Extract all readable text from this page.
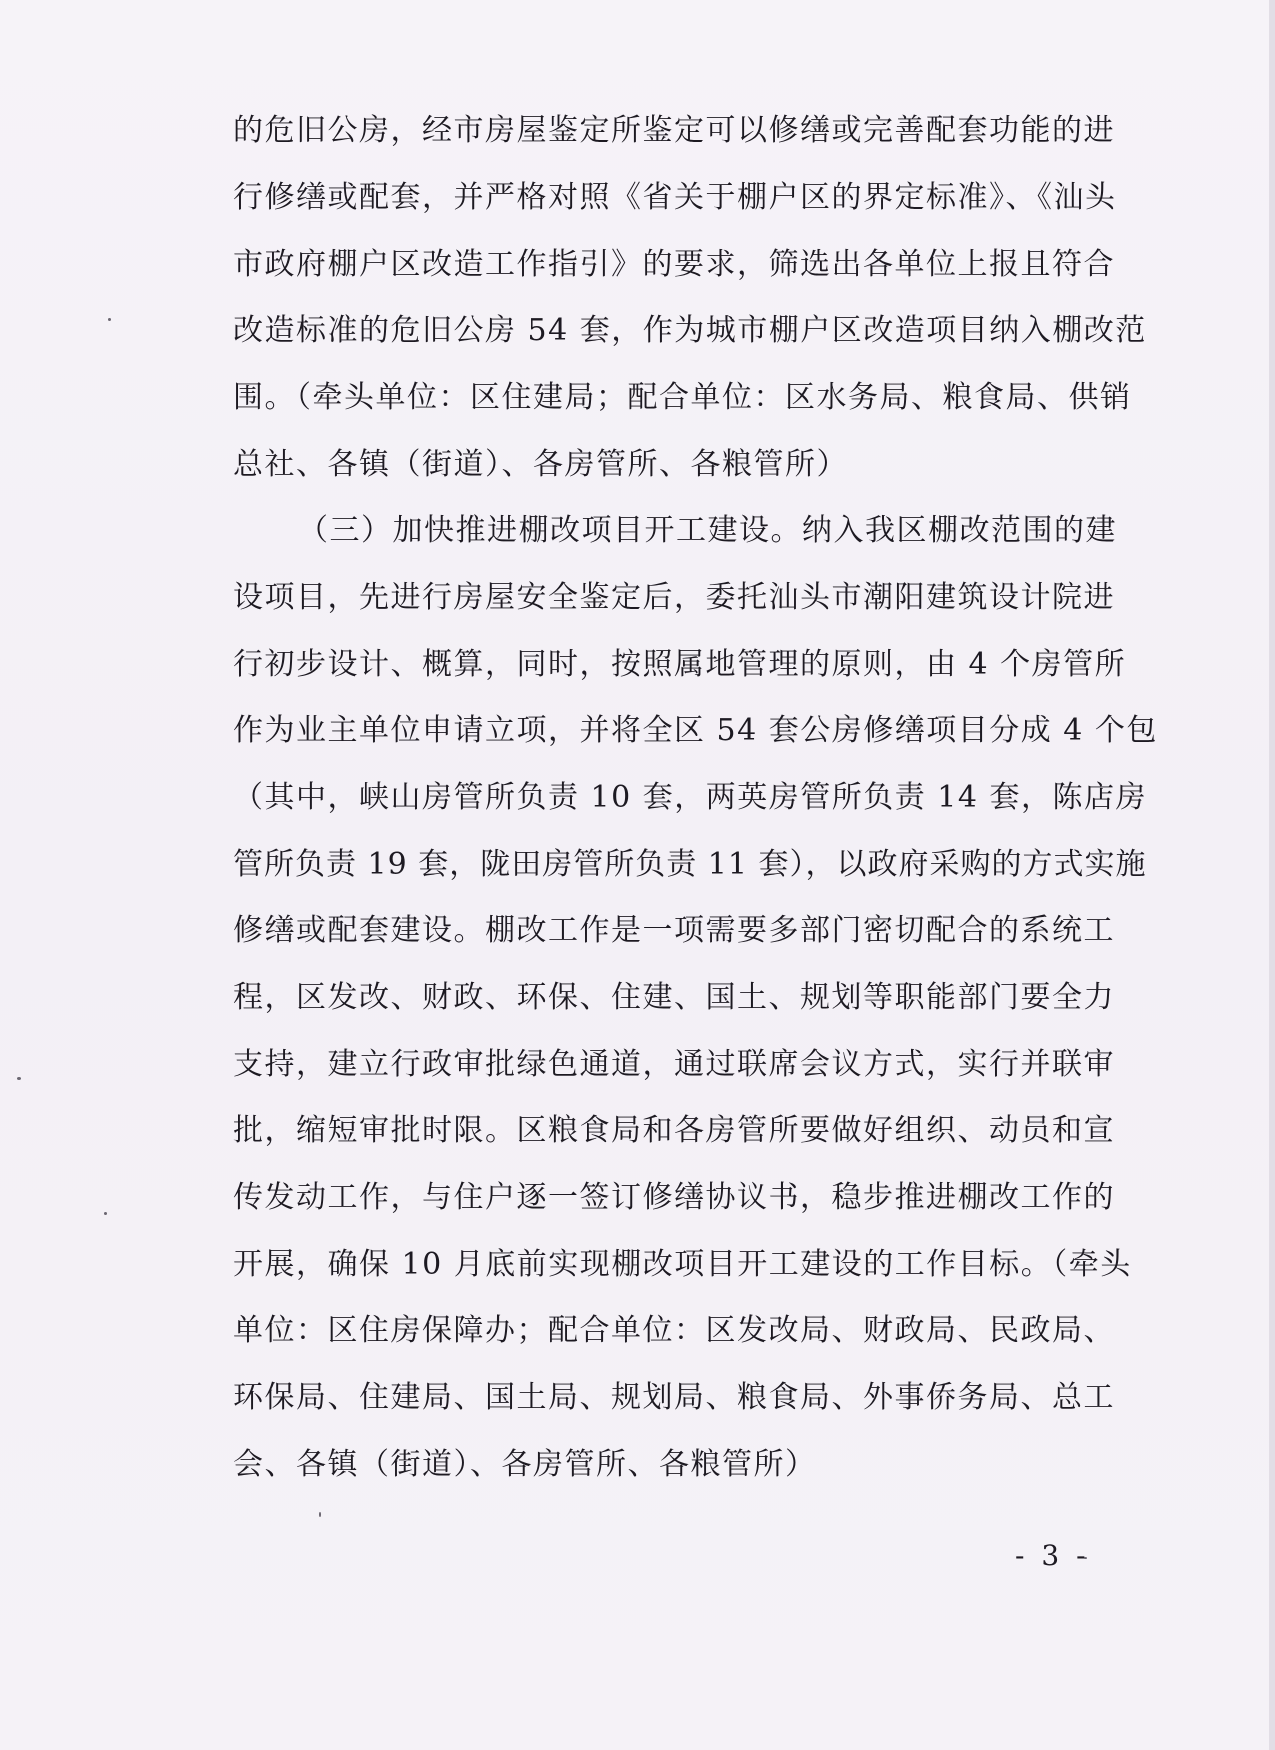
的危旧公房，经市房屋鉴定所鉴定可以修缮或完善配套功能的进
行修缮或配套，并严格对照《省关于棚户区的界定标准》、《汕头
市政府棚户区改造工作指引》的要求，筛选出各单位上报且符合
改造标准的危旧公房 54 套，作为城市棚户区改造项目纳入棚改范
围。（牵头单位：区住建局；配合单位：区水务局、粮食局、供销
总社、各镇（街道）、各房管所、各粮管所）
（三）加快推进棚改项目开工建设。纳入我区棚改范围的建
设项目，先进行房屋安全鉴定后，委托汕头市潮阳建筑设计院进
行初步设计、概算，同时，按照属地管理的原则，由 4 个房管所
作为业主单位申请立项，并将全区 54 套公房修缮项目分成 4 个包
（其中，峡山房管所负责 10 套，两英房管所负责 14 套，陈店房
管所负责 19 套，陇田房管所负责 11 套），以政府采购的方式实施
修缮或配套建设。棚改工作是一项需要多部门密切配合的系统工
程，区发改、财政、环保、住建、国土、规划等职能部门要全力
支持，建立行政审批绿色通道，通过联席会议方式，实行并联审
批，缩短审批时限。区粮食局和各房管所要做好组织、动员和宣
传发动工作，与住户逐一签订修缮协议书，稳步推进棚改工作的
开展，确保 10 月底前实现棚改项目开工建设的工作目标。（牵头
单位：区住房保障办；配合单位：区发改局、财政局、民政局、
环保局、住建局、国土局、规划局、粮食局、外事侨务局、总工
会、各镇（街道）、各房管所、各粮管所）
- 3 -
